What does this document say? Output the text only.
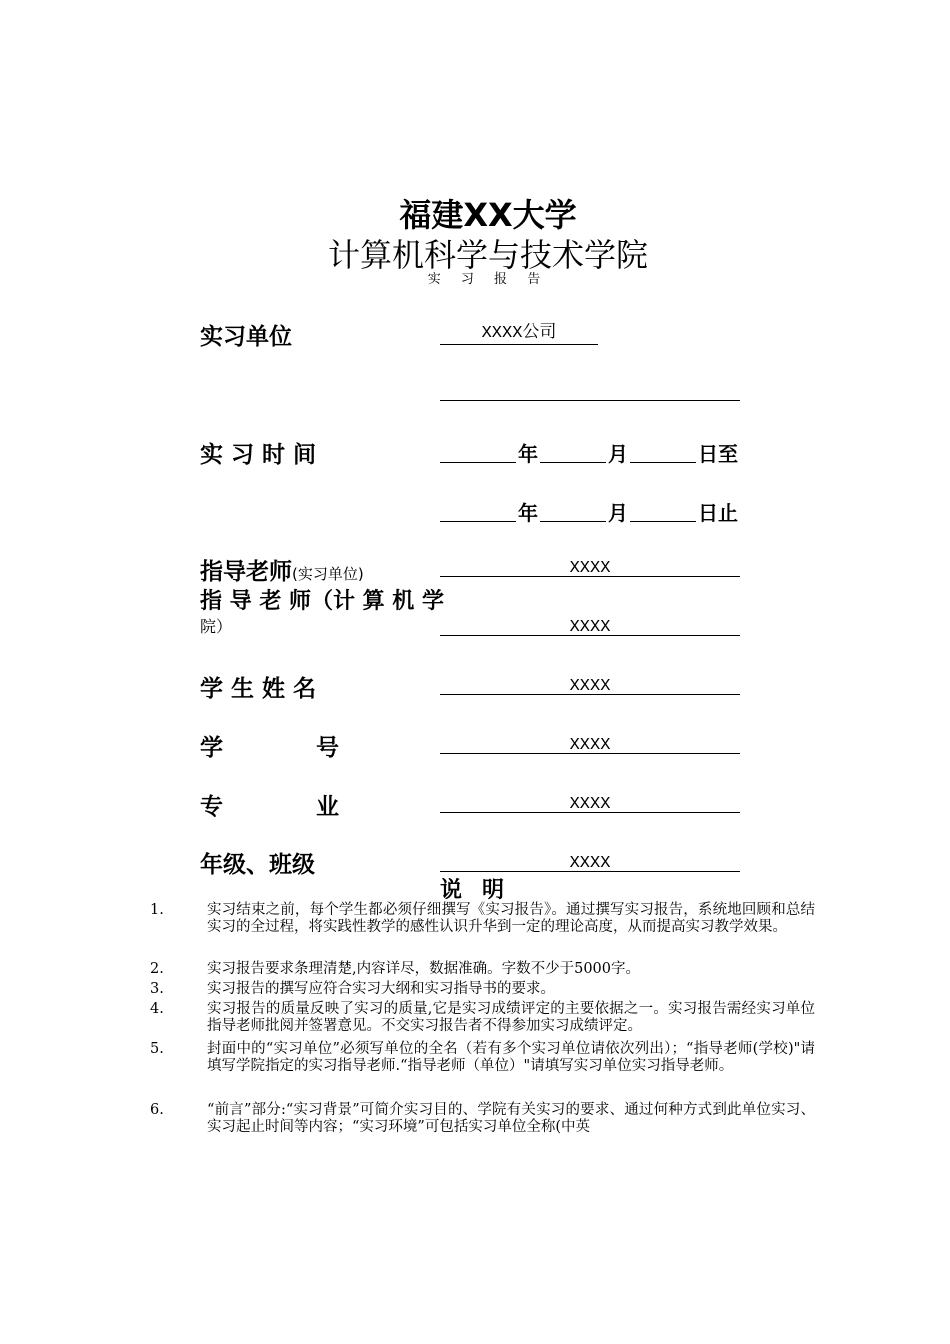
福建XX大学
计算机科学与技术学院
实 习 报 告
实习单位	XXXX公司
实 习 时 间	年	月	日至
年	月	日止
指导老师(实习单位)	XXXX
指 导 老 师（计 算 机 学
院）	XXXX
学 生 姓 名	XXXX
学	号	XXXX
专	业	XXXX
年级、班级	XXXX
说明
1.	实习结束之前，每个学生都必须仔细撰写《实习报告》。通过撰写实习报告，系统地回顾和总结实习的全过程，将实践性教学的感性认识升华到一定的理论高度，从而提高实习教学效果。
2.	实习报告要求条理清楚,内容详尽，数据准确。字数不少于5000字。
3.	实习报告的撰写应符合实习大纲和实习指导书的要求。
4.	实习报告的质量反映了实习的质量,它是实习成绩评定的主要依据之一。实习报告需经实习单位指导老师批阅并签署意见。不交实习报告者不得参加实习成绩评定。
5.	封面中的“实习单位”必须写单位的全名（若有多个实习单位请依次列出）；“指导老师(学校)"请填写学院指定的实习指导老师.“指导老师（单位）"请填写实习单位实习指导老师。
6.	“前言”部分:“实习背景”可简介实习目的、学院有关实习的要求、通过何种方式到此单位实习、实习起止时间等内容；“实习环境”可包括实习单位全称(中英
